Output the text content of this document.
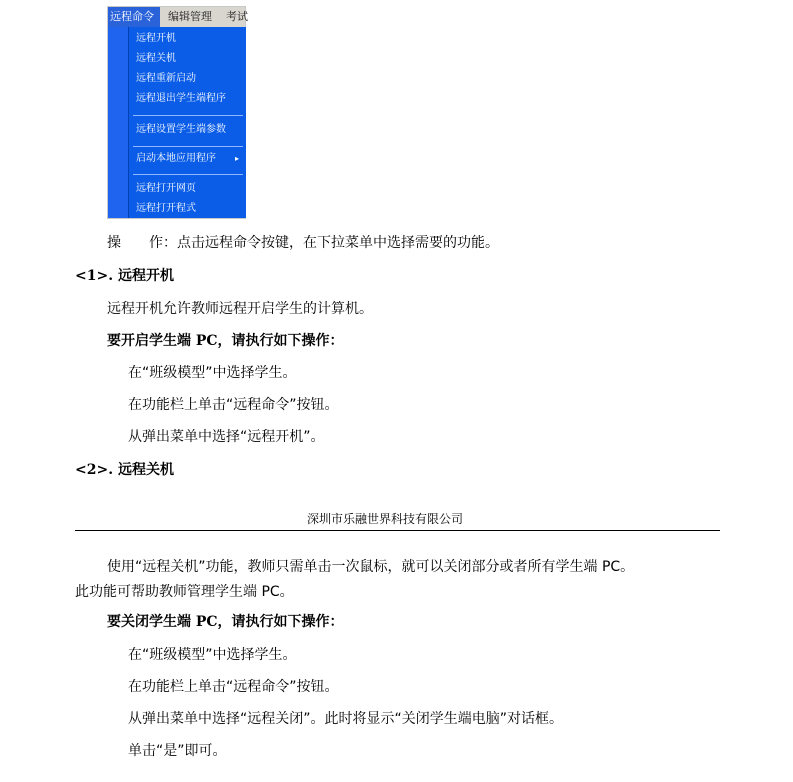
远程命令	编辑管理 考试
远程开机
远程关机
远程重新启动
远程退出学生端程序
远程设置学生端参数
启动本地应用程序 ▸
远程打开网页
远程打开程式
操　　作：点击远程命令按键，在下拉菜单中选择需要的功能。
<1>. 远程开机
远程开机允许教师远程开启学生的计算机。
要开启学生端 PC，请执行如下操作：
在“班级模型”中选择学生。
在功能栏上单击“远程命令”按钮。
从弹出菜单中选择“远程开机”。
<2>. 远程关机
深圳市乐融世界科技有限公司
使用“远程关机”功能，教师只需单击一次鼠标，就可以关闭部分或者所有学生端 PC。
此功能可帮助教师管理学生端 PC。
要关闭学生端 PC，请执行如下操作：
在“班级模型”中选择学生。
在功能栏上单击“远程命令”按钮。
从弹出菜单中选择“远程关闭”。此时将显示“关闭学生端电脑”对话框。
单击“是”即可。
